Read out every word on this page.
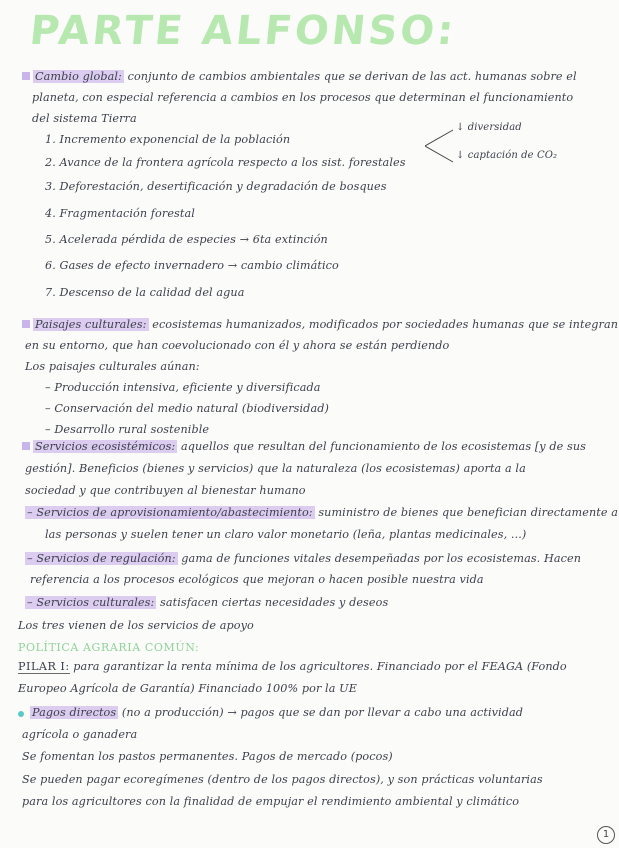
PARTE ALFONSO:
Cambio global: conjunto de cambios ambientales que se derivan de las act. humanas sobre el
planeta, con especial referencia a cambios en los procesos que determinan el funcionamiento
del sistema Tierra
1. Incremento exponencial de la población
2. Avance de la frontera agrícola respecto a los sist. forestales
3. Deforestación, desertificación y degradación de bosques
4. Fragmentación forestal
5. Acelerada pérdida de especies → 6ta extinción
6. Gases de efecto invernadero → cambio climático
7. Descenso de la calidad del agua
↓ diversidad
↓ captación de CO₂
Paisajes culturales: ecosistemas humanizados, modificados por sociedades humanas que se integran
en su entorno, que han coevolucionado con él y ahora se están perdiendo
Los paisajes culturales aúnan:
– Producción intensiva, eficiente y diversificada
– Conservación del medio natural (biodiversidad)
– Desarrollo rural sostenible
Servicios ecosistémicos: aquellos que resultan del funcionamiento de los ecosistemas [y de sus
gestión]. Beneficios (bienes y servicios) que la naturaleza (los ecosistemas) aporta a la
sociedad y que contribuyen al bienestar humano
– Servicios de aprovisionamiento/abastecimiento: suministro de bienes que benefician directamente a
las personas y suelen tener un claro valor monetario (leña, plantas medicinales, ...)
– Servicios de regulación: gama de funciones vitales desempeñadas por los ecosistemas. Hacen
referencia a los procesos ecológicos que mejoran o hacen posible nuestra vida
– Servicios culturales: satisfacen ciertas necesidades y deseos
Los tres vienen de los servicios de apoyo
POLÍTICA AGRARIA COMÚN:
PILAR I: para garantizar la renta mínima de los agricultores. Financiado por el FEAGA (Fondo
Europeo Agrícola de Garantía) Financiado 100% por la UE
Pagos directos (no a producción) → pagos que se dan por llevar a cabo una actividad
agrícola o ganadera
Se fomentan los pastos permanentes. Pagos de mercado (pocos)
Se pueden pagar ecoregímenes (dentro de los pagos directos), y son prácticas voluntarias
para los agricultores con la finalidad de empujar el rendimiento ambiental y climático
1
